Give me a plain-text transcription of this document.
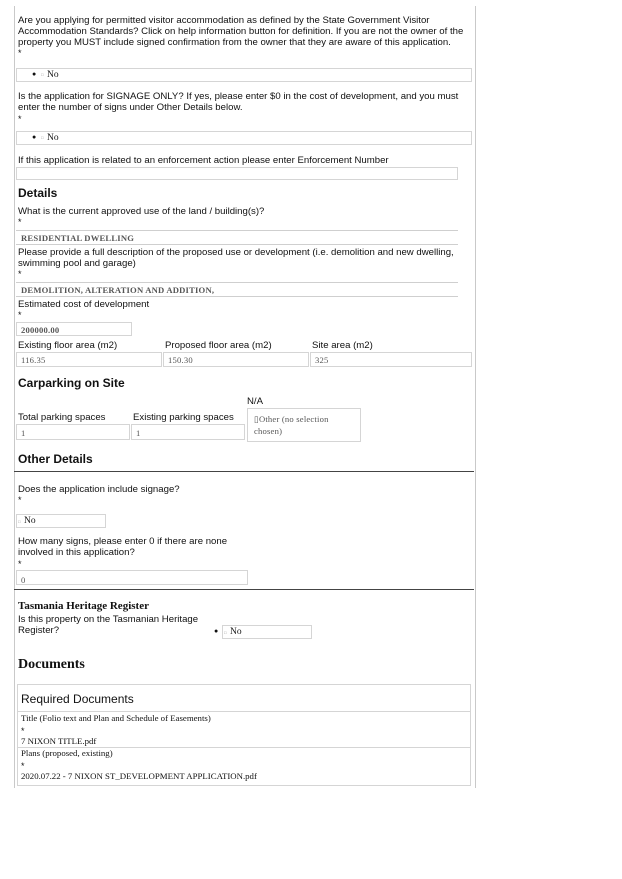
Are you applying for permitted visitor accommodation as defined by the State Government Visitor Accommodation Standards? Click on help information button for definition. If you are not the owner of the property you MUST include signed confirmation from the owner that they are aware of this application.
*
● □ No
Is the application for SIGNAGE ONLY? If yes, please enter $0 in the cost of development, and you must enter the number of signs under Other Details below.
*
● □ No
If this application is related to an enforcement action please enter Enforcement Number
Details
What is the current approved use of the land / building(s)?
*
RESIDENTIAL DWELLING
Please provide a full description of the proposed use or development (i.e. demolition and new dwelling, swimming pool and garage)
*
DEMOLITION, ALTERATION AND ADDITION,
Estimated cost of development
*
200000.00
Existing floor area (m2)	Proposed floor area (m2)	Site area (m2)
116.35	150.30	325
Carparking on Site
N/A
Total parking spaces	Existing parking spaces
1	1
▯Other (no selection chosen)
Other Details
Does the application include signage?
*
□ No
How many signs, please enter 0 if there are none involved in this application?
*
0
Tasmania Heritage Register
Is this property on the Tasmanian Heritage Register?	● □ No
Documents
Required Documents
Title (Folio text and Plan and Schedule of Easements)
*
7 NIXON TITLE.pdf
Plans (proposed, existing)
*
2020.07.22 - 7 NIXON ST_DEVELOPMENT APPLICATION.pdf
